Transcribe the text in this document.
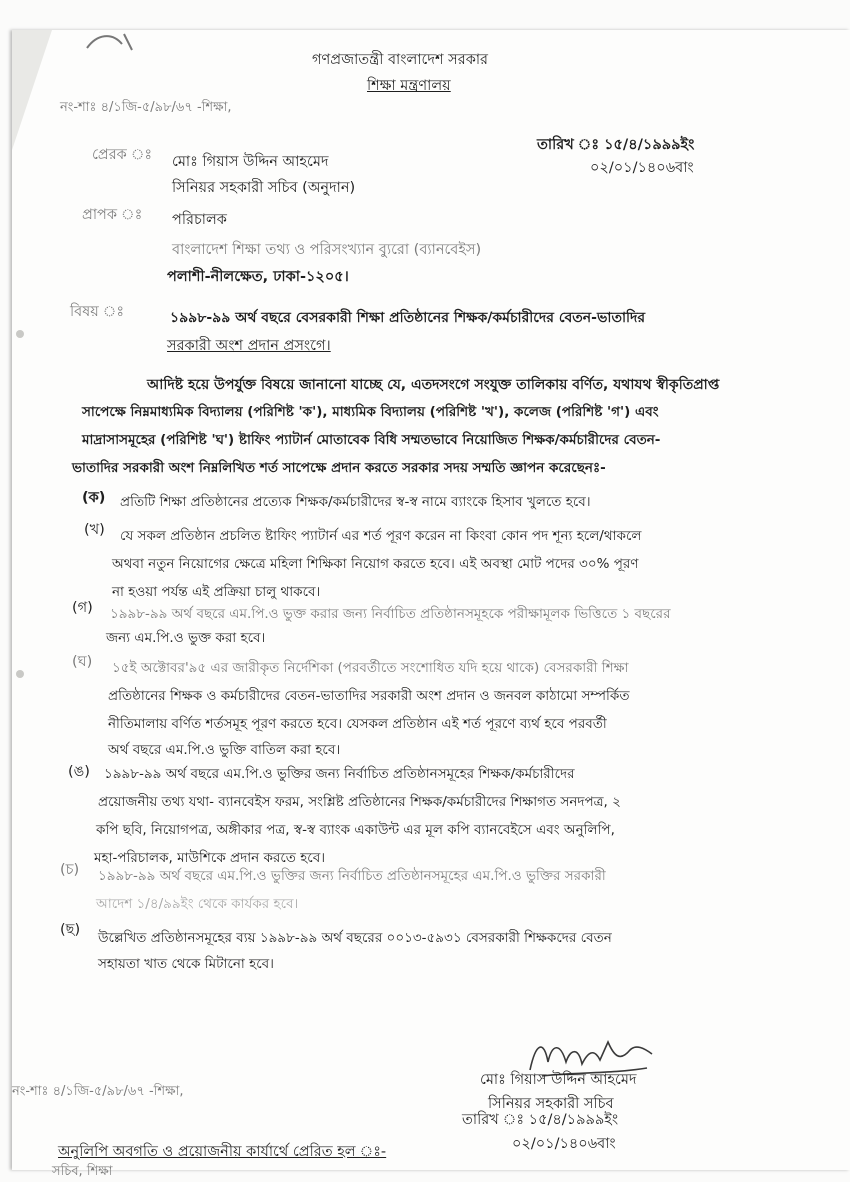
গণপ্রজাতন্ত্রী বাংলাদেশ সরকার
শিক্ষা মন্ত্রণালয়
নং-শাঃ ৪/১জি-৫/৯৮/৬৭ -শিক্ষা,
তারিখ ঃ ১৫/৪/১৯৯৯ইং
০২/০১/১৪০৬বাং
প্রেরক ঃ মোঃ গিয়াস উদ্দিন আহমেদ
সিনিয়র সহকারী সচিব (অনুদান)
প্রাপক ঃ পরিচালক
বাংলাদেশ শিক্ষা তথ্য ও পরিসংখ্যান ব্যুরো (ব্যানবেইস)
পলাশী-নীলক্ষেত, ঢাকা-১২০৫।
বিষয় ঃ	১৯৯৮-৯৯ অর্থ বছরে বেসরকারী শিক্ষা প্রতিষ্ঠানের শিক্ষক/কর্মচারীদের বেতন-ভাতাদির
সরকারী অংশ প্রদান প্রসংগে।
আদিষ্ট হয়ে উপর্যুক্ত বিষয়ে জানানো যাচ্ছে যে, এতদসংগে সংযুক্ত তালিকায় বর্ণিত, যথাযথ স্বীকৃতিপ্রাপ্ত
সাপেক্ষে নিম্নমাধ্যমিক বিদ্যালয় (পরিশিষ্ট 'ক'), মাধ্যমিক বিদ্যালয় (পরিশিষ্ট 'খ'), কলেজ (পরিশিষ্ট 'গ') এবং
মাদ্রাসাসমূহের (পরিশিষ্ট 'ঘ') ষ্টাফিং প্যাটার্ন মোতাবেক বিধি সম্মতভাবে নিয়োজিত শিক্ষক/কর্মচারীদের বেতন-
ভাতাদির সরকারী অংশ নিম্নলিখিত শর্ত সাপেক্ষে প্রদান করতে সরকার সদয় সম্মতি জ্ঞাপন করেছেনঃ-
(ক) প্রতিটি শিক্ষা প্রতিষ্ঠানের প্রত্যেক শিক্ষক/কর্মচারীদের স্ব-স্ব নামে ব্যাংকে হিসাব খুলতে হবে।
(খ) যে সকল প্রতিষ্ঠান প্রচলিত ষ্টাফিং প্যাটার্ন এর শর্ত পূরণ করেন না কিংবা কোন পদ শূন্য হলে/থাকলে
অথবা নতুন নিয়োগের ক্ষেত্রে মহিলা শিক্ষিকা নিয়োগ করতে হবে। এই অবস্থা মোট পদের ৩০% পূরণ
না হওয়া পর্যন্ত এই প্রক্রিয়া চালু থাকবে।
(গ) ১৯৯৮-৯৯ অর্থ বছরে এম.পি.ও ভুক্ত করার জন্য নির্বাচিত প্রতিষ্ঠানসমূহকে পরীক্ষামূলক ভিত্তিতে ১ বছরের
জন্য এম.পি.ও ভুক্ত করা হবে।
(ঘ) ১৫ই অক্টোবর'৯৫ এর জারীকৃত নির্দেশিকা (পরবর্তীতে সংশোধিত যদি হয়ে থাকে) বেসরকারী শিক্ষা
প্রতিষ্ঠানের শিক্ষক ও কর্মচারীদের বেতন-ভাতাদির সরকারী অংশ প্রদান ও জনবল কাঠামো সম্পর্কিত
নীতিমালায় বর্ণিত শর্তসমূহ পূরণ করতে হবে। যেসকল প্রতিষ্ঠান এই শর্ত পূরণে ব্যর্থ হবে পরবর্তী
অর্থ বছরে এম.পি.ও ভুক্তি বাতিল করা হবে।
(ঙ) ১৯৯৮-৯৯ অর্থ বছরে এম.পি.ও ভুক্তির জন্য নির্বাচিত প্রতিষ্ঠানসমূহের শিক্ষক/কর্মচারীদের
প্রয়োজনীয় তথ্য যথা- ব্যানবেইস ফরম, সংশ্লিষ্ট প্রতিষ্ঠানের শিক্ষক/কর্মচারীদের শিক্ষাগত সনদপত্র, ২
কপি ছবি, নিয়োগপত্র, অঙ্গীকার পত্র, স্ব-স্ব ব্যাংক একাউন্ট এর মূল কপি ব্যানবেইসে এবং অনুলিপি,
মহা-পরিচালক, মাউশিকে প্রদান করতে হবে।
(চ) ১৯৯৮-৯৯ অর্থ বছরে এম.পি.ও ভুক্তির জন্য নির্বাচিত প্রতিষ্ঠানসমূহের এম.পি.ও ভুক্তির সরকারী
আদেশ ১/৪/৯৯ইং থেকে কার্যকর হবে।
(ছ) উল্লেখিত প্রতিষ্ঠানসমূহের ব্যয় ১৯৯৮-৯৯ অর্থ বছরের ০০১৩-৫৯৩১ বেসরকারী শিক্ষকদের বেতন
সহায়তা খাত থেকে মিটানো হবে।
মোঃ গিয়াস উদ্দিন আহমেদ
সিনিয়র সহকারী সচিব
নং-শাঃ ৪/১জি-৫/৯৮/৬৭ -শিক্ষা,
তারিখ ঃ ১৫/৪/১৯৯৯ইং
০২/০১/১৪০৬বাং
অনুলিপি অবগতি ও প্রয়োজনীয় কার্যার্থে প্রেরিত হল ঃ-
সচিব, শিক্ষা
